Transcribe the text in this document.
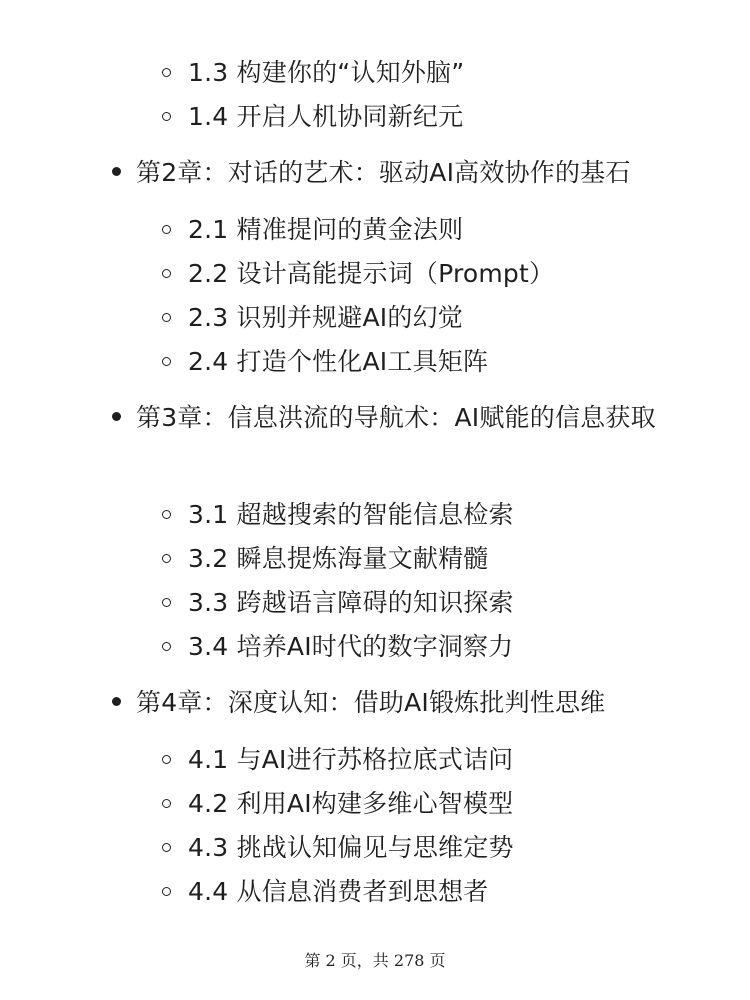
1.3 构建你的“认知外脑”
1.4 开启人机协同新纪元
第2章：对话的艺术：驱动AI高效协作的基石
2.1 精准提问的黄金法则
2.2 设计高能提示词（Prompt）
2.3 识别并规避AI的幻觉
2.4 打造个性化AI工具矩阵
第3章：信息洪流的导航术：AI赋能的信息获取
3.1 超越搜索的智能信息检索
3.2 瞬息提炼海量文献精髓
3.3 跨越语言障碍的知识探索
3.4 培养AI时代的数字洞察力
第4章：深度认知：借助AI锻炼批判性思维
4.1 与AI进行苏格拉底式诘问
4.2 利用AI构建多维心智模型
4.3 挑战认知偏见与思维定势
4.4 从信息消费者到思想者
第 2 页，共 278 页
